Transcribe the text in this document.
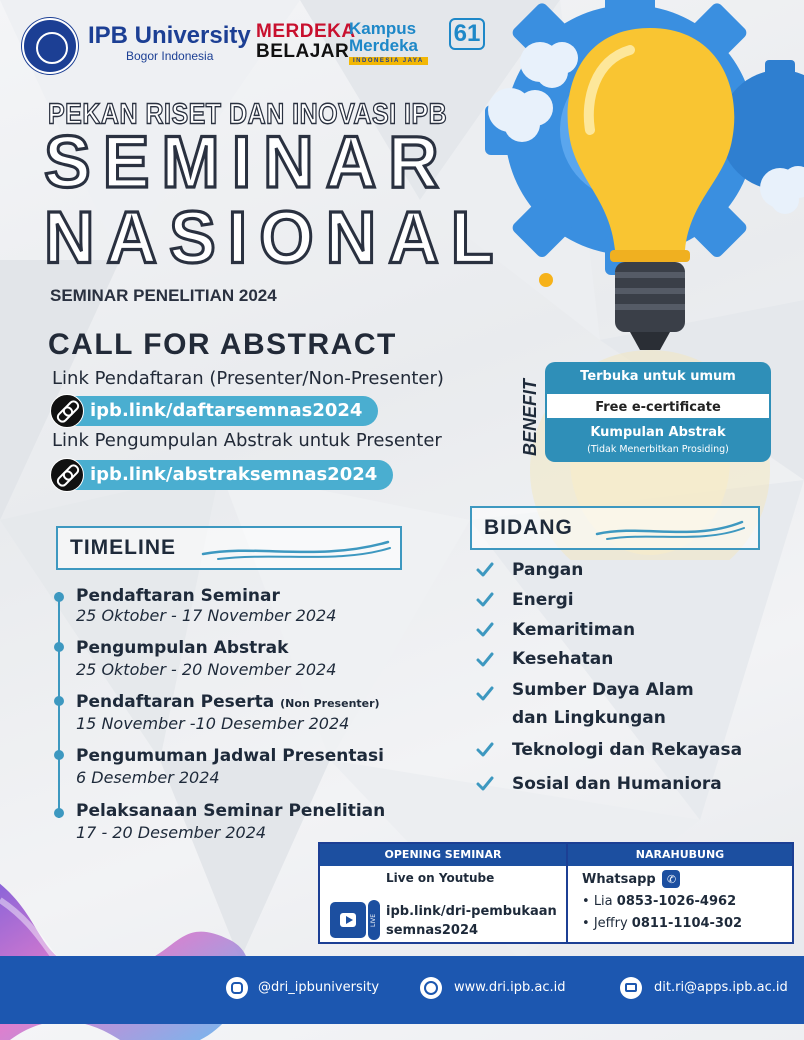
IPB University
Bogor Indonesia
MERDEKA
BELAJAR
Kampus
Merdeka
INDONESIA JAYA
61
PEKAN RISET DAN INOVASI IPB
SEMINAR
NASIONAL
SEMINAR PENELITIAN 2024
CALL FOR ABSTRACT
Link Pendaftaran (Presenter/Non-Presenter)
ipb.link/daftarsemnas2024
Link Pengumpulan Abstrak untuk Presenter
ipb.link/abstraksemnas2024
BENEFIT
Terbuka untuk umum
Free e-certificate
Kumpulan Abstrak
(Tidak Menerbitkan Prosiding)
TIMELINE
Pendaftaran Seminar
25 Oktober - 17 November 2024
Pengumpulan Abstrak
25 Oktober - 20 November 2024
Pendaftaran Peserta (Non Presenter)
15 November -10 Desember 2024
Pengumuman Jadwal Presentasi
6 Desember 2024
Pelaksanaan Seminar Penelitian
17 - 20 Desember 2024
BIDANG
Pangan
Energi
Kemaritiman
Kesehatan
Sumber Daya Alam
dan Lingkungan
Teknologi dan Rekayasa
Sosial dan Humaniora
OPENING SEMINAR	NARAHUBUNG
Live on Youtube
LIVE
ipb.link/dri-pembukaan
semnas2024
Whatsapp ✆
• Lia 0853-1026-4962
• Jeffry 0811-1104-302
@dri_ipbuniversity	www.dri.ipb.ac.id	dit.ri@apps.ipb.ac.id
